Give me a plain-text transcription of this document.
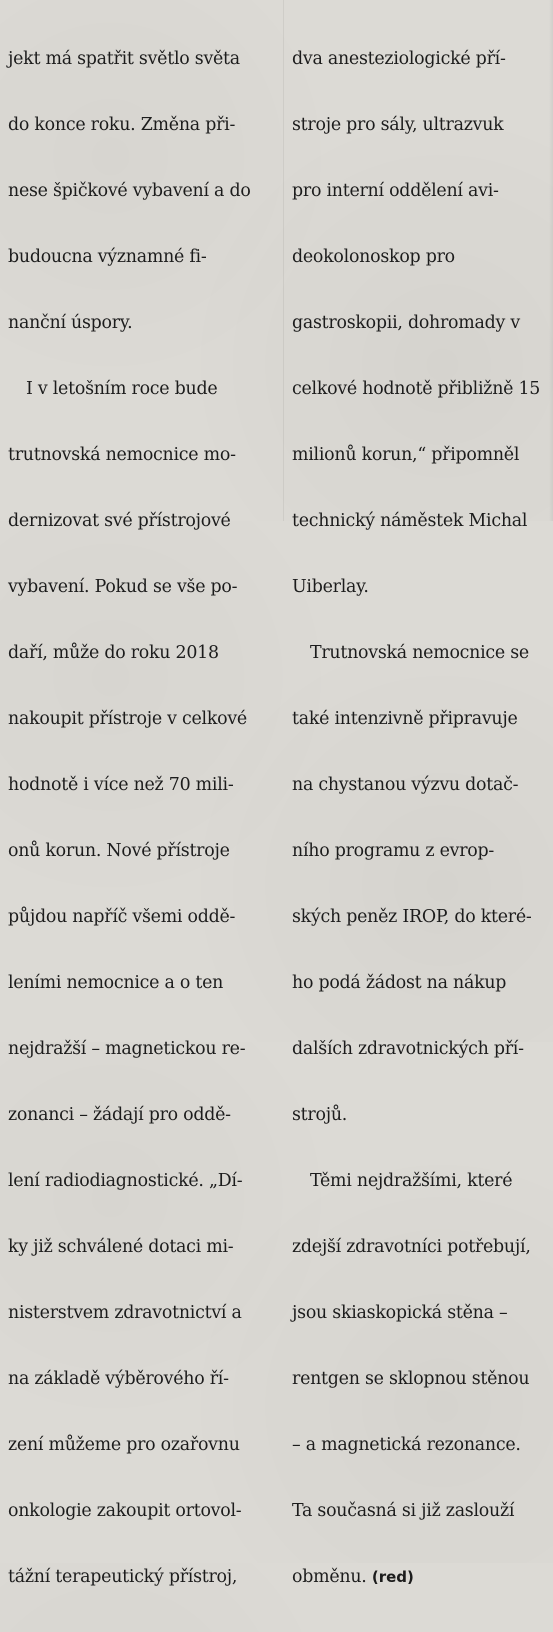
jekt má spatřit světlo světa

do konce roku. Změna při-

nese špičkové vybavení a do

budoucna významné fi-

nanční úspory.

I v letošním roce bude

trutnovská nemocnice mo-

dernizovat své přístrojové

vybavení. Pokud se vše po-

daří, může do roku 2018

nakoupit přístroje v celkové

hodnotě i více než 70 mili-

onů korun. Nové přístroje

půjdou napříč všemi oddě-

leními nemocnice a o ten

nejdražší – magnetickou re-

zonanci – žádají pro oddě-

lení radiodiagnostické. „Dí-

ky již schválené dotaci mi-

nisterstvem zdravotnictví a

na základě výběrového ří-

zení můžeme pro ozařovnu

onkologie zakoupit ortovol-

tážní terapeutický přístroj,

dva anesteziologické pří-

stroje pro sály, ultrazvuk

pro interní oddělení avi-

deokolonoskop pro

gastroskopii, dohromady v

celkové hodnotě přibližně 15

milionů korun,“ připomněl

technický náměstek Michal

Uiberlay.

Trutnovská nemocnice se

také intenzivně připravuje

na chystanou výzvu dotač-

ního programu z evrop-

ských peněz IROP, do které-

ho podá žádost na nákup

dalších zdravotnických pří-

strojů.

Těmi nejdražšími, které

zdejší zdravotníci potřebují,

jsou skiaskopická stěna –

rentgen se sklopnou stěnou

– a magnetická rezonance.

Ta současná si již zaslouží

obměnu. (red)
